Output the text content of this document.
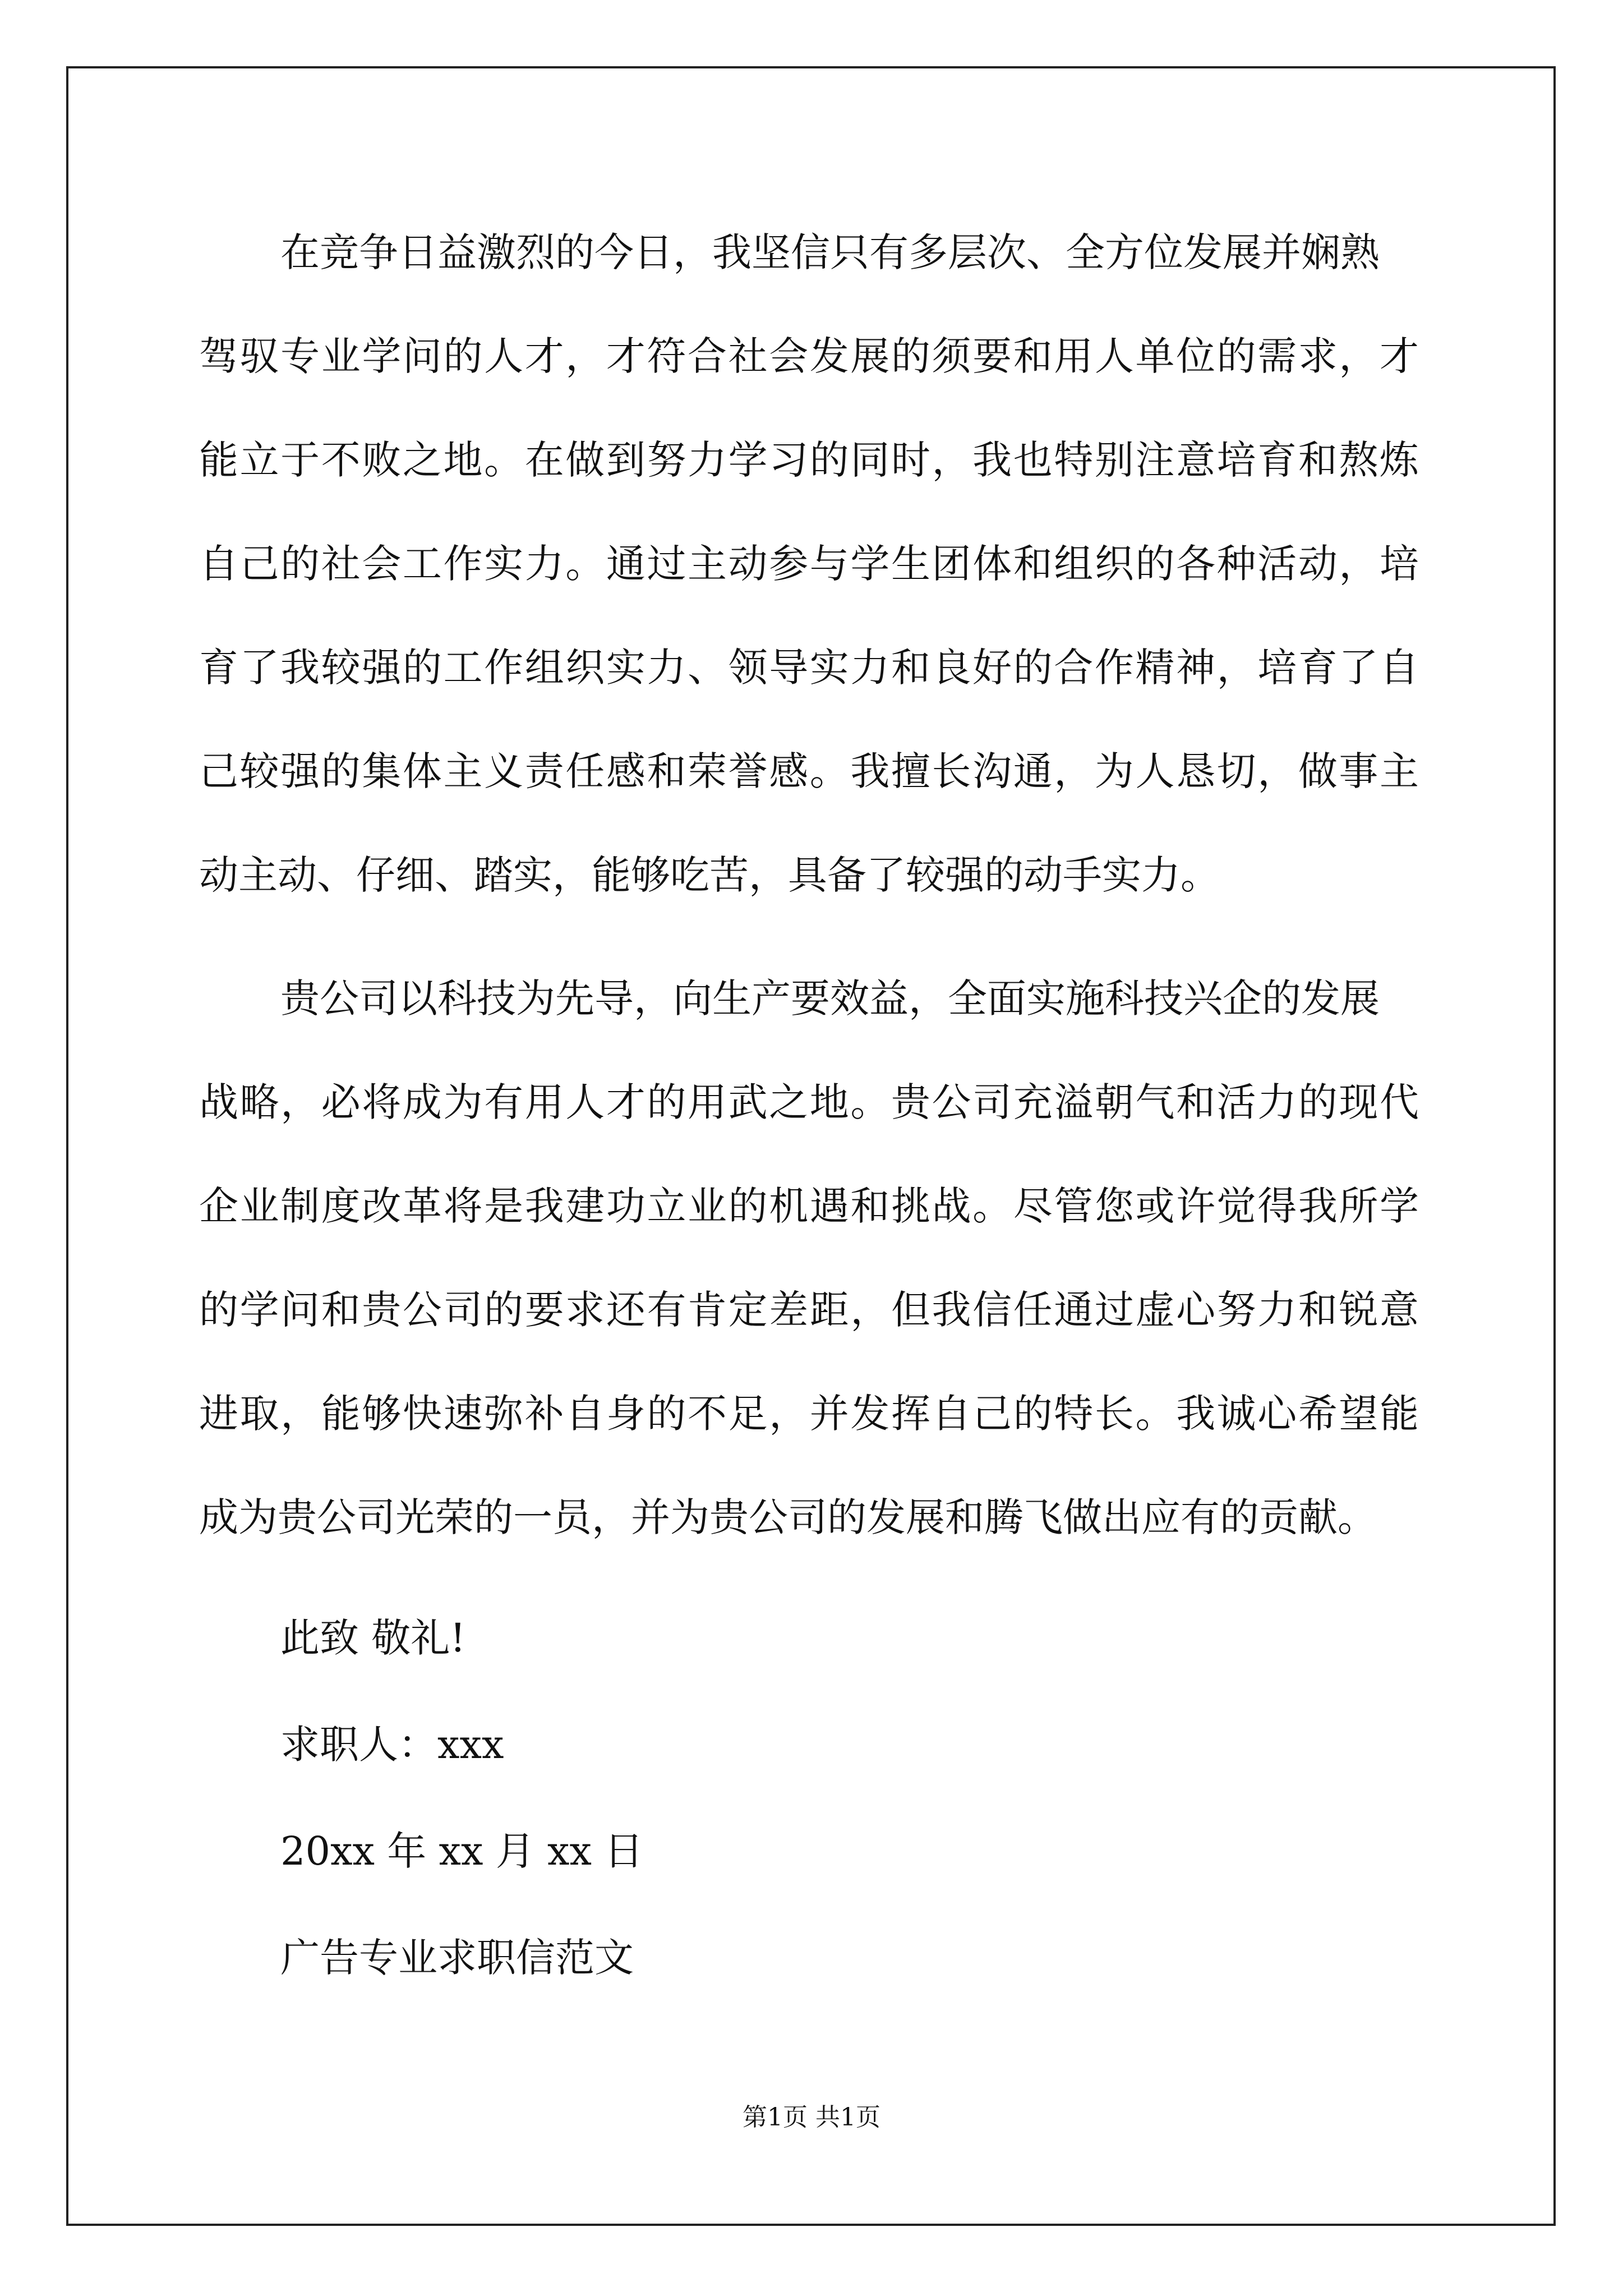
在竞争日益激烈的今日，我坚信只有多层次、全方位发展并娴熟
驾驭专业学问的人才，才符合社会发展的须要和用人单位的需求，才
能立于不败之地。在做到努力学习的同时，我也特别注意培育和熬炼
自己的社会工作实力。通过主动参与学生团体和组织的各种活动，培
育了我较强的工作组织实力、领导实力和良好的合作精神，培育了自
己较强的集体主义责任感和荣誉感。我擅长沟通，为人恳切，做事主
动主动、仔细、踏实，能够吃苦，具备了较强的动手实力。
贵公司以科技为先导，向生产要效益，全面实施科技兴企的发展
战略，必将成为有用人才的用武之地。贵公司充溢朝气和活力的现代
企业制度改革将是我建功立业的机遇和挑战。尽管您或许觉得我所学
的学问和贵公司的要求还有肯定差距，但我信任通过虚心努力和锐意
进取，能够快速弥补自身的不足，并发挥自己的特长。我诚心希望能
成为贵公司光荣的一员，并为贵公司的发展和腾飞做出应有的贡献。
此致 敬礼!
求职人：xxx
20xx 年 xx 月 xx 日
广告专业求职信范文
第1页 共1页
